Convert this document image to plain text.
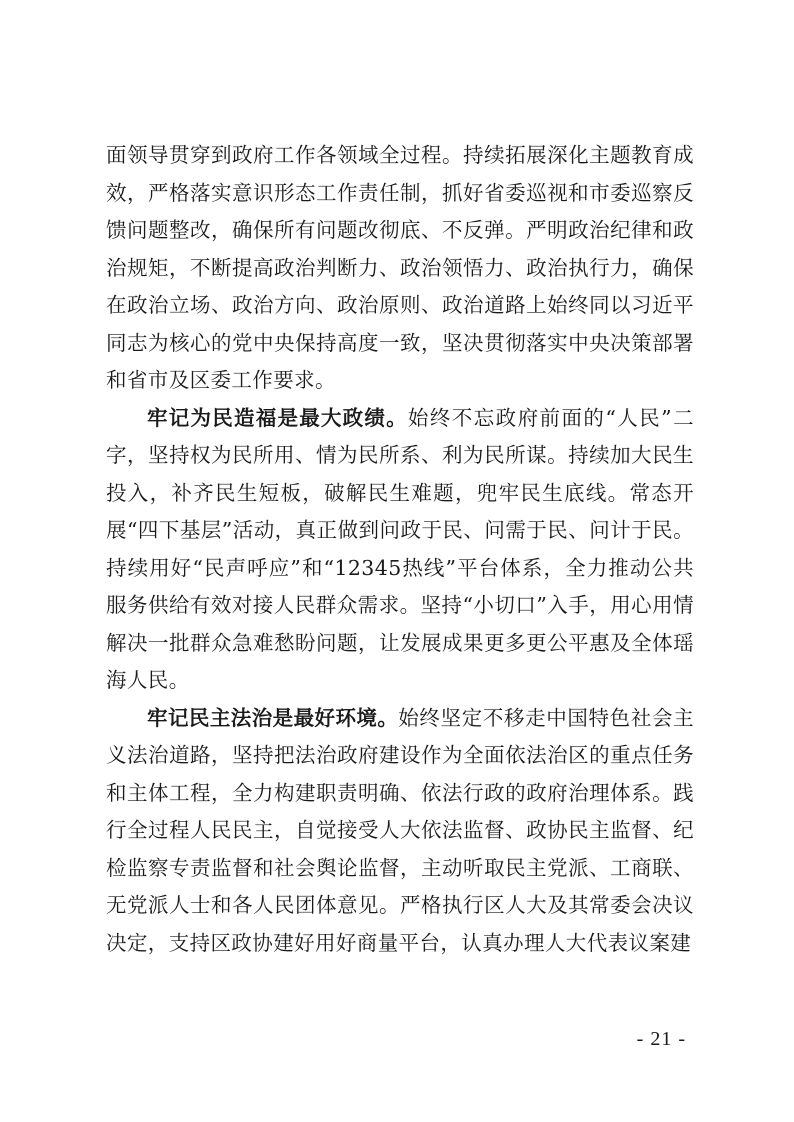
面领导贯穿到政府工作各领域全过程。持续拓展深化主题教育成效，严格落实意识形态工作责任制，抓好省委巡视和市委巡察反馈问题整改，确保所有问题改彻底、不反弹。严明政治纪律和政治规矩，不断提高政治判断力、政治领悟力、政治执行力，确保在政治立场、政治方向、政治原则、政治道路上始终同以习近平同志为核心的党中央保持高度一致，坚决贯彻落实中央决策部署和省市及区委工作要求。

牢记为民造福是最大政绩。始终不忘政府前面的“人民”二字，坚持权为民所用、情为民所系、利为民所谋。持续加大民生投入，补齐民生短板，破解民生难题，兜牢民生底线。常态开展“四下基层”活动，真正做到问政于民、问需于民、问计于民。持续用好“民声呼应”和“12345热线”平台体系，全力推动公共服务供给有效对接人民群众需求。坚持“小切口”入手，用心用情解决一批群众急难愁盼问题，让发展成果更多更公平惠及全体瑶海人民。

牢记民主法治是最好环境。始终坚定不移走中国特色社会主义法治道路，坚持把法治政府建设作为全面依法治区的重点任务和主体工程，全力构建职责明确、依法行政的政府治理体系。践行全过程人民民主，自觉接受人大依法监督、政协民主监督、纪检监察专责监督和社会舆论监督，主动听取民主党派、工商联、无党派人士和各人民团体意见。严格执行区人大及其常委会决议决定，支持区政协建好用好商量平台，认真办理人大代表议案建

- 21 -
